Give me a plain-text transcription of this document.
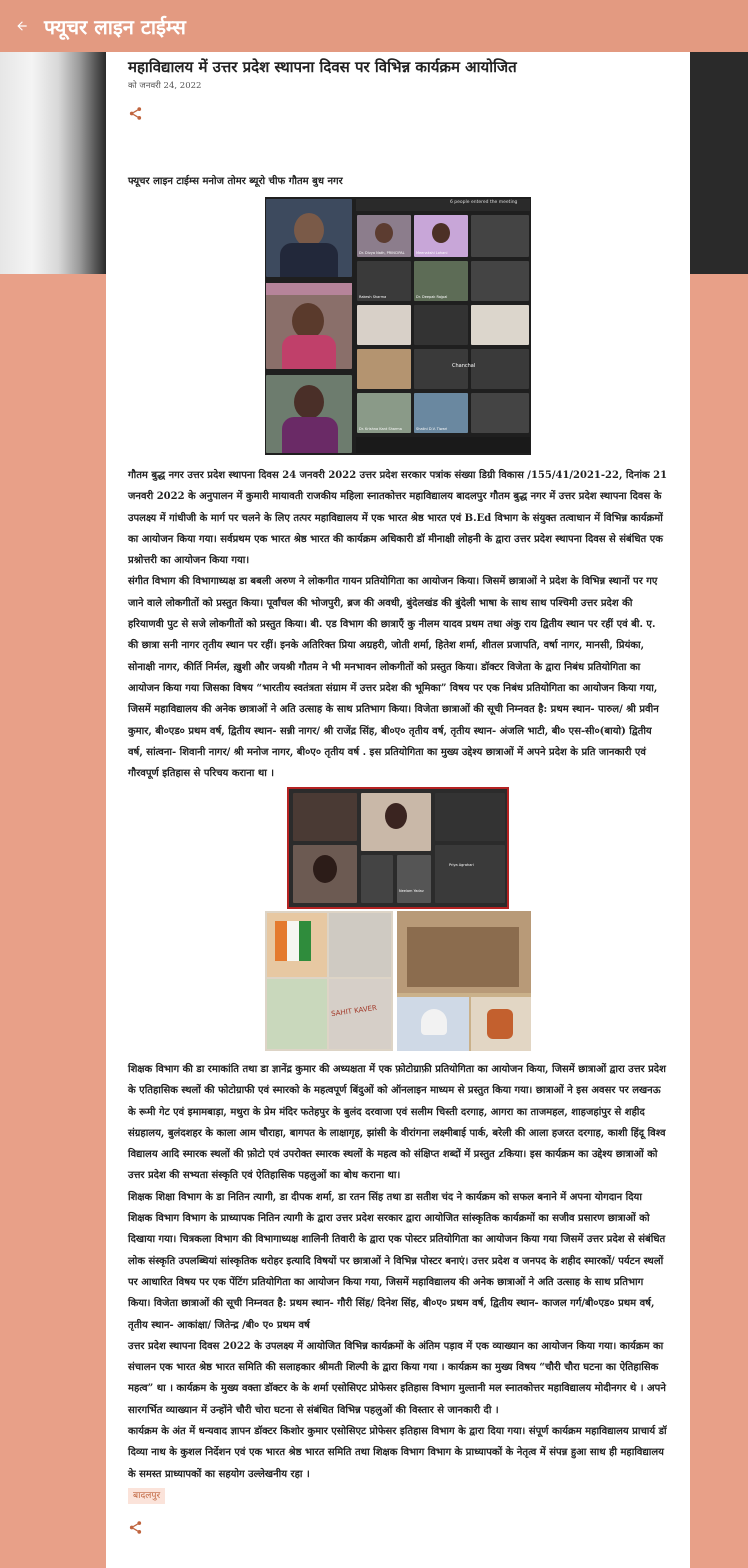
फ्यूचर लाइन टाईम्स
महाविद्यालय में उत्तर प्रदेश स्थापना दिवस पर विभिन्न कार्यक्रम आयोजित
को जनवरी 24, 2022
फ्यूचर लाइन टाईम्स मनोज तोमर ब्यूरो चीफ गौतम बुध नगर
6 people entered the meeting
Dr. Divya Nath, PRINCIPAL	Meenakshi Lohani
Rakesh Sharma	Dr. Deepak Rajpal
Chanchal
Dr. Krishna Kant Sharma	Shalini D.V. Tiwari

गौतम बुद्ध नगर उत्तर प्रदेश स्थापना दिवस 24 जनवरी 2022 उत्तर प्रदेश सरकार पत्रांक संख्या डिग्री विकास /155/41/2021-22, दिनांक 21 जनवरी 2022 के अनुपालन में कुमारी मायावती राजकीय महिला स्नातकोत्तर महाविद्यालय बादलपुर गौतम बुद्ध नगर में उत्तर प्रदेश स्थापना दिवस के उपलक्ष्य में गांधीजी के मार्ग पर चलने के लिए तत्पर महाविद्यालय में एक भारत श्रेष्ठ भारत एवं B.Ed विभाग के संयुक्त तत्वाधान में विभिन्न कार्यक्रमों का आयोजन किया गया। सर्वप्रथम एक भारत श्रेष्ठ भारत की कार्यक्रम अधिकारी डॉ मीनाक्षी लोहनी के द्वारा उत्तर प्रदेश स्थापना दिवस से संबंधित एक प्रश्नोत्तरी का आयोजन किया गया।

संगीत विभाग की विभागाध्यक्ष डा बबली अरुण ने लोकगीत गायन प्रतियोगिता का आयोजन किया। जिसमें छात्राओं ने प्रदेश के विभिन्न स्थानों पर गए जाने वाले लोकगीतों को प्रस्तुत किया। पूर्वांचल की भोजपुरी, ब्रज की अवधी, बुंदेलखंड की बुंदेली भाषा के साथ साथ पश्चिमी उत्तर प्रदेश की हरियाणवी पुट से सजे लोकगीतों को प्रस्तुत किया। बी. एड विभाग की छात्राएँ कु नीलम यादव प्रथम तथा अंकु राय द्वितीय स्थान पर रहीं एवं बी. ए. की छात्रा सनी नागर तृतीय स्थान पर रहीं। इनके अतिरिक्त प्रिया अग्रहरी, जोती शर्मा, हितेश शर्मा, शीतल प्रजापति, वर्षा नागर, मानसी, प्रियंका, सोनाक्षी नागर, कीर्ति निर्मल, ख़ुशी और जयश्री गौतम ने भी मनभावन लोकगीतों को प्रस्तुत किया। डॉक्टर विजेता के द्वारा निबंध प्रतियोगिता का आयोजन किया गया जिसका विषय “भारतीय स्वतंत्रता संग्राम में उत्तर प्रदेश की भूमिका” विषय पर एक निबंध प्रतियोगिता का आयोजन किया गया, जिसमें महाविद्यालय की अनेक छात्राओं ने अति उत्साह के साथ प्रतिभाग किया। विजेता छात्राओं की सूची निम्नवत है: प्रथम स्थान- पारुल/ श्री प्रवीन कुमार, बी०एड० प्रथम वर्ष, द्वितीय स्थान- सन्नी नागर/ श्री राजेंद्र सिंह, बी०ए० तृतीय वर्ष, तृतीय स्थान- अंजलि भाटी, बी० एस-सी०(बायो) द्वितीय वर्ष, सांत्वना- शिवानी नागर/ श्री मनोज नागर, बी०ए० तृतीय वर्ष . इस प्रतियोगिता का मुख्य उद्देश्य छात्राओं में अपने प्रदेश के प्रति जानकारी एवं गौरवपूर्ण इतिहास से परिचय कराना था ।

Priya Agrahari
Neelam Yadav
SAHIT KAVER

शिक्षक विभाग की डा रमाकांति तथा डा ज्ञानेंद्र कुमार की अध्यक्षता में एक फ़ोटोग्राफ़ी प्रतियोगिता का आयोजन किया, जिसमें छात्राओं द्वारा उत्तर प्रदेश के एतिहासिक स्थलों की फोटोग्राफी एवं स्मारको के महत्वपूर्ण बिंदुओं को ऑनलाइन माध्यम से प्रस्तुत किया गया। छात्राओं ने इस अवसर पर लखनऊ के रूमी गेट एवं इमामबाड़ा, मथुरा के प्रेम मंदिर फतेहपुर के बुलंद दरवाजा एवं सलीम चिस्ती दरगाह, आगरा का ताजमहल, शाहजहांपुर से शहीद संग्रहालय, बुलंदशहर के काला आम चौराहा, बागपत के लाक्षागृह, झांसी के वीरांगना लक्ष्मीबाई पार्क, बरेली की आला हजरत दरगाह, काशी हिंदू विश्व विद्यालय आदि स्मारक स्थलों की फ़ोटो एवं उपरोक्त स्मारक स्थलों के महत्व को संक्षिप्त शब्दों में प्रस्तुत zकिया। इस कार्यक्रम का उद्देश्य छात्राओं को उत्तर प्रदेश की सभ्यता संस्कृति एवं ऐतिहासिक पहलुओं का बोध कराना था।

शिक्षक शिक्षा विभाग के डा नितिन त्यागी, डा दीपक शर्मा, डा रतन सिंह तथा डा सतीश चंद ने कार्यक्रम को सफल बनाने में अपना योगदान दिया शिक्षक विभाग विभाग के प्राध्यापक नितिन त्यागी के द्वारा उत्तर प्रदेश सरकार द्वारा आयोजित सांस्कृतिक कार्यक्रमों का सजीव प्रसारण छात्राओं को दिखाया गया। चित्रकला विभाग की विभागाध्यक्ष शालिनी तिवारी के द्वारा एक पोस्टर प्रतियोगिता का आयोजन किया गया जिसमें उत्तर प्रदेश से संबंधित लोक संस्कृति उपलब्धियां सांस्कृतिक धरोहर इत्यादि विषयों पर छात्राओं ने विभिन्न पोस्टर बनाएं। उत्तर प्रदेश व जनपद के शहीद स्मारकों/ पर्यटन स्थलों पर आधारित विषय पर एक पेंटिंग प्रतियोगिता का आयोजन किया गया, जिसमें महाविद्यालय की अनेक छात्राओं ने अति उत्साह के साथ प्रतिभाग किया। विजेता छात्राओं की सूची निम्नवत है: प्रथम स्थान- गौरी सिंह/ दिनेश सिंह, बी०ए० प्रथम वर्ष, द्वितीय स्थान- काजल गर्ग/बी०एड० प्रथम वर्ष, तृतीय स्थान- आकांक्षा/ जितेन्द्र /बी० ए० प्रथम वर्ष

उत्तर प्रदेश स्थापना दिवस 2022 के उपलक्ष्य में आयोजित विभिन्न कार्यक्रमों के अंतिम पड़ाव में एक व्याख्यान का आयोजन किया गया। कार्यक्रम का संचालन एक भारत श्रेष्ठ भारत समिति की सलाहकार श्रीमती शिल्पी के द्वारा किया गया । कार्यक्रम का मुख्य विषय “चौरी चौरा घटना का ऐतिहासिक महत्व” था । कार्यक्रम के मुख्य वक्ता डॉक्टर के के शर्मा एसोसिएट प्रोफेसर इतिहास विभाग मुल्तानी मल स्नातकोत्तर महाविद्यालय मोदीनगर थे । अपने सारगर्भित व्याख्यान में उन्होंने चौरी चोरा घटना से संबंधित विभिन्न पहलुओं की विस्तार से जानकारी दी ।

कार्यक्रम के अंत में धन्यवाद ज्ञापन डॉक्टर किशोर कुमार एसोसिएट प्रोफेसर इतिहास विभाग के द्वारा दिया गया। संपूर्ण कार्यक्रम महाविद्यालय प्राचार्य डॉ दिव्या नाथ के कुशल निर्देशन एवं एक भारत श्रेष्ठ भारत समिति तथा शिक्षक विभाग विभाग के प्राध्यापकों के नेतृत्व में संपन्न हुआ साथ ही महाविद्यालय के समस्त प्राध्यापकों का सहयोग उल्लेखनीय रहा ।

बादलपुर
